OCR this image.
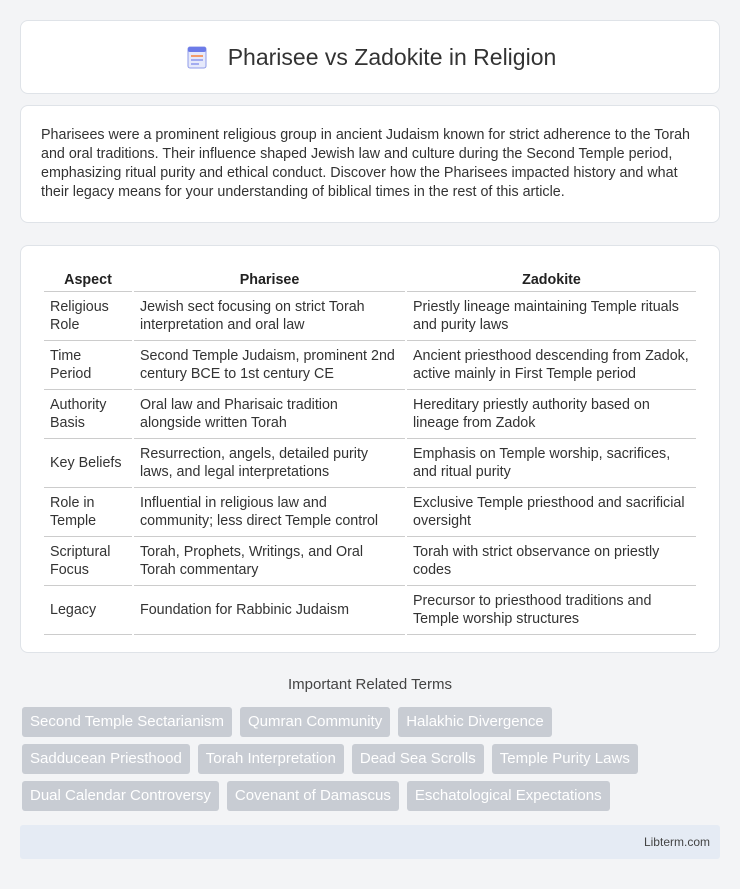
Pharisee vs Zadokite in Religion

Pharisees were a prominent religious group in ancient Judaism known for strict adherence to the Torah and oral traditions. Their influence shaped Jewish law and culture during the Second Temple period, emphasizing ritual purity and ethical conduct. Discover how the Pharisees impacted history and what their legacy means for your understanding of biblical times in the rest of this article.

Aspect	Pharisee	Zadokite
Religious Role	Jewish sect focusing on strict Torah interpretation and oral law	Priestly lineage maintaining Temple rituals and purity laws
Time Period	Second Temple Judaism, prominent 2nd century BCE to 1st century CE	Ancient priesthood descending from Zadok, active mainly in First Temple period
Authority Basis	Oral law and Pharisaic tradition alongside written Torah	Hereditary priestly authority based on lineage from Zadok
Key Beliefs	Resurrection, angels, detailed purity laws, and legal interpretations	Emphasis on Temple worship, sacrifices, and ritual purity
Role in Temple	Influential in religious law and community; less direct Temple control	Exclusive Temple priesthood and sacrificial oversight
Scriptural Focus	Torah, Prophets, Writings, and Oral Torah commentary	Torah with strict observance on priestly codes
Legacy	Foundation for Rabbinic Judaism	Precursor to priesthood traditions and Temple worship structures
Important Related Terms
Second Temple Sectarianism	Qumran Community	Halakhic Divergence
Sadducean Priesthood	Torah Interpretation	Dead Sea Scrolls	Temple Purity Laws
Dual Calendar Controversy	Covenant of Damascus	Eschatological Expectations
Libterm.com
